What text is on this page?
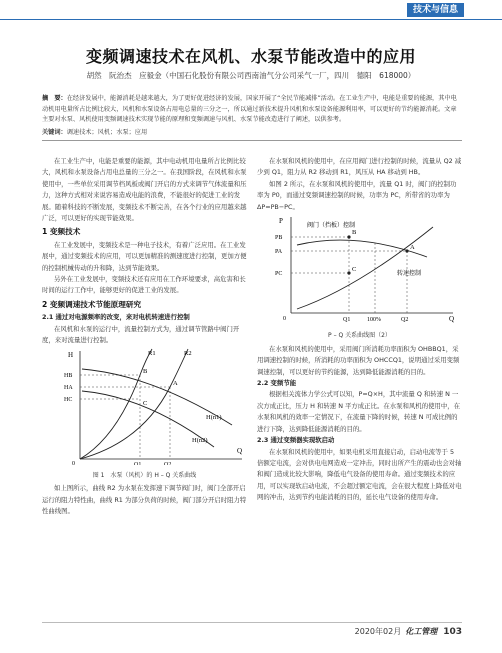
技术与信息
变频调速技术在风机、水泵节能改造中的应用
胡然　阮治杰　应毅金（中国石化股份有限公司西南油气分公司采气一厂，四川　德阳　618000）
摘　要：在经济发展中，能源消耗是越来越大，为了更好促进经济的发展，国家开展了“全民节能减排”活动。在工业生产中，电能是重要的能源，其中电动机用电量所占比例比较大，风机和水泵设备占用电总量的三分之一，所以通过新技术提升风机和水泵设备能源利用率，可以更好的节约能源消耗。文章主要对水泵、风机使用变频调速技术实现节能的原理和变频调速与风机、水泵节能改造进行了阐述，以供参考。
关键词：调速技术；风机；水泵；应用

在工业生产中，电能是重要的能源，其中电动机用电量所占比例比较大，风机和水泵设备占用电总量的三分之一。在我国阶段，在风机和水泵使用中，一些单位采用调节档风板或阀门开启的方式来调节气体流量和压力，这种方式相对来说容易造成电能的浪费，不能很好的促进工业的发展。随着科技的不断发展，变频技术不断完善，在各个行业的应用越来越广泛，可以更好的实现节能效果。

1 变频技术

在工业发展中，变频技术是一种电子技术，有着广泛应用。在工业发展中，通过变频技术的应用，可以更加精准的测速度进行控制，更加方便的控制机械传动的升和降，达到节能效果。

另外在工业发展中，变频技术还有应用在工作环境要求，高危害和长时间的运行工作中，能够更好的促进工业的发展。

2 变频调速技术节能原理研究
2.1 通过对电源频率的改变，来对电机转速进行控制

在风机和水泵的运行中，流量控制方式为，通过调节管路中阀门开度，来对流量进行控制。

H
Q
0
HB
HA
HC
R1	R2
A
B
C
H(n1)
H(n2)
Q1	Q2
图 1　水泵（风机）的 H – Q 关系曲线

如上图所示，曲线 R2 为水泵在发挥速下调节阀门时，阀门全部开启运行的阻力特性曲，曲线 R1 为部分负荷的时候，阀门部分开启时阻力特性曲线图。

在水泵和风机的使用中，在应用阀门进行控制的时候，流量从 Q2 减少到 Q1，阻力从 R2 移动到 R1，风压从 HA 移动到 HB。

如图 2 所示，在水泵和风机的使用中，流量 Q1 时，阀门的控制功率为 P0，而通过变频调速控制的时候，功率为 PC，所带省的功率为 ΔP=PB−PC。

P
Q
0
PB
PA
PC
阀门（挡板）控制
转速控制
A
B
C
Q1	100%	Q2
P – Q 关系曲线图（2）

在水泵和风机的使用中，采用阀门所消耗功率面积为 OHBBQ1，采用调速控制的时候，所消耗的功率面积为 OHCCQ1，说明通过采用变频调速控制，可以更好的节约能源，达到降低能源消耗的目的。

2.2 变频节能

根据相关流体力学公式可以知，P=Q×H，其中流量 Q 和转速 N 一次方成正比，压力 H 和转速 N 平方成正比。在水泵和风机的使用中，在水泵和风机的效率一定情况下，在流量下降的时候，转速 N 可成比例的进行下降，达到降低能源消耗的目的。

2.3 通过变频器实现软启动

在水泵和风机的使用中，如果电机采用直接启动，启动电流等于 5 倍额定电流，会对供电电网造成一定冲击，同时出所产生的震动也会对轴和阀门造成比较大影响，降低电气设备的使用寿命。通过变频技术的应用，可以实现软启动电流，不会超过额定电流，会在很大程度上降低对电网的冲击，达到节约电能消耗的目的，延长电气设备的使用寿命。

2020年02月 化工管理 103
